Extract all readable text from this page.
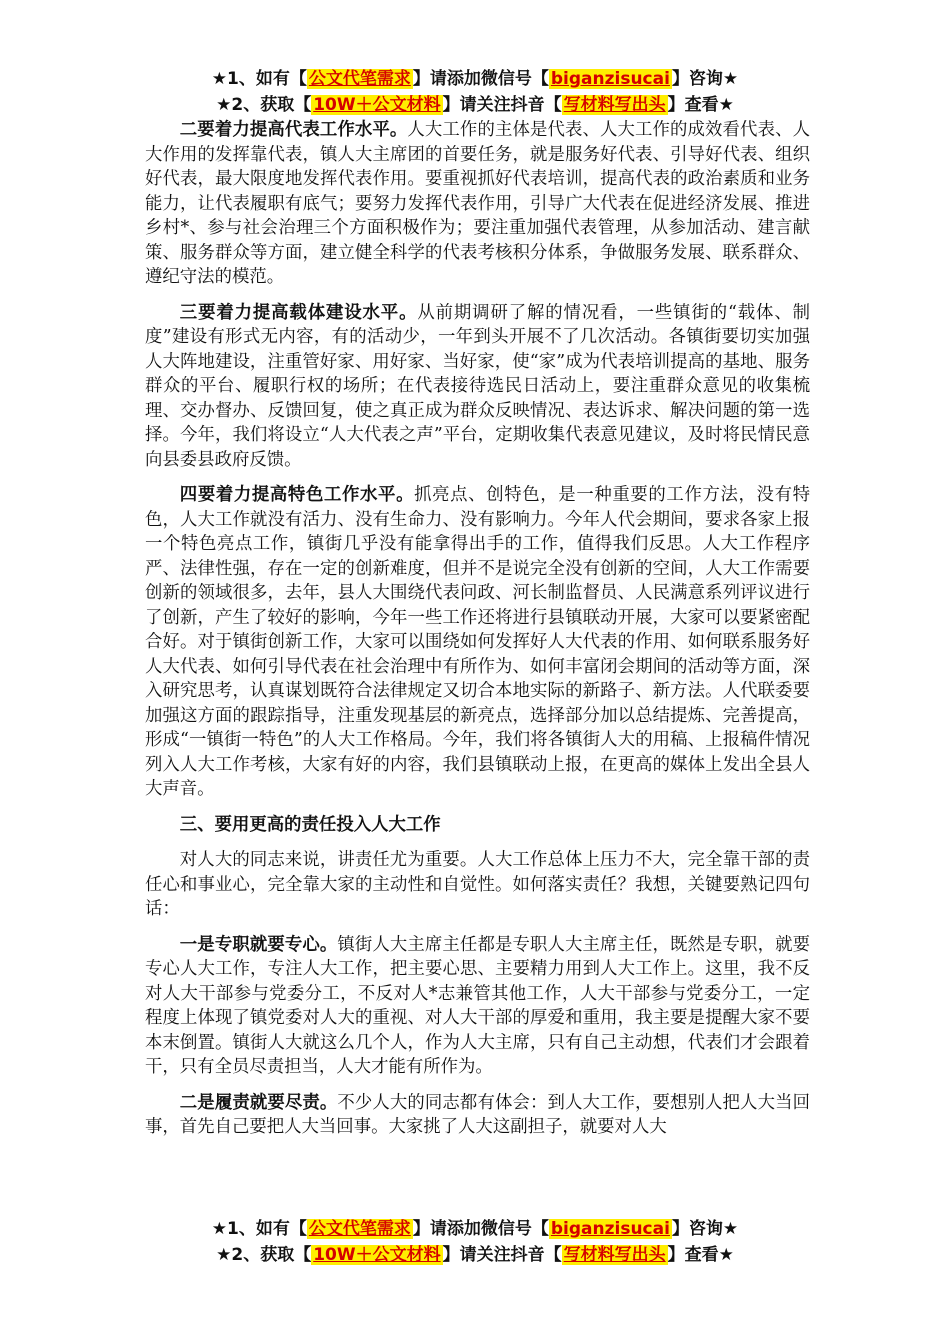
★1、如有【 公文代笔需求 】请添加微信号【 biganzisucai 】咨询★
★2、获取【 10W＋公文材料 】请关注抖音【 写材料写出头 】查看★

二要着力提高代表工作水平。人大工作的主体是代表、人大工作的成效看代表、人大作用的发挥靠代表，镇人大主席团的首要任务，就是服务好代表、引导好代表、组织好代表，最大限度地发挥代表作用。要重视抓好代表培训，提高代表的政治素质和业务能力，让代表履职有底气；要努力发挥代表作用，引导广大代表在促进经济发展、推进乡村*、参与社会治理三个方面积极作为；要注重加强代表管理，从参加活动、建言献策、服务群众等方面，建立健全科学的代表考核积分体系，争做服务发展、联系群众、遵纪守法的模范。

三要着力提高载体建设水平。从前期调研了解的情况看，一些镇街的“载体、制度”建设有形式无内容，有的活动少，一年到头开展不了几次活动。各镇街要切实加强人大阵地建设，注重管好家、用好家、当好家，使“家”成为代表培训提高的基地、服务群众的平台、履职行权的场所；在代表接待选民日活动上，要注重群众意见的收集梳理、交办督办、反馈回复，使之真正成为群众反映情况、表达诉求、解决问题的第一选择。今年，我们将设立“人大代表之声”平台，定期收集代表意见建议，及时将民情民意向县委县政府反馈。

四要着力提高特色工作水平。抓亮点、创特色，是一种重要的工作方法，没有特色，人大工作就没有活力、没有生命力、没有影响力。今年人代会期间，要求各家上报一个特色亮点工作，镇街几乎没有能拿得出手的工作，值得我们反思。人大工作程序严、法律性强，存在一定的创新难度，但并不是说完全没有创新的空间，人大工作需要创新的领域很多，去年，县人大围绕代表问政、河长制监督员、人民满意系列评议进行了创新，产生了较好的影响，今年一些工作还将进行县镇联动开展，大家可以要紧密配合好。对于镇街创新工作，大家可以围绕如何发挥好人大代表的作用、如何联系服务好人大代表、如何引导代表在社会治理中有所作为、如何丰富闭会期间的活动等方面，深入研究思考，认真谋划既符合法律规定又切合本地实际的新路子、新方法。人代联委要加强这方面的跟踪指导，注重发现基层的新亮点，选择部分加以总结提炼、完善提高，形成“一镇街一特色”的人大工作格局。今年，我们将各镇街人大的用稿、上报稿件情况列入人大工作考核，大家有好的内容，我们县镇联动上报，在更高的媒体上发出全县人大声音。

三、要用更高的责任投入人大工作

对人大的同志来说，讲责任尤为重要。人大工作总体上压力不大，完全靠干部的责任心和事业心，完全靠大家的主动性和自觉性。如何落实责任？我想，关键要熟记四句话：

一是专职就要专心。镇街人大主席主任都是专职人大主席主任，既然是专职，就要专心人大工作，专注人大工作，把主要心思、主要精力用到人大工作上。这里，我不反对人大干部参与党委分工，不反对人*志兼管其他工作，人大干部参与党委分工，一定程度上体现了镇党委对人大的重视、对人大干部的厚爱和重用，我主要是提醒大家不要本末倒置。镇街人大就这么几个人，作为人大主席，只有自己主动想，代表们才会跟着干，只有全员尽责担当，人大才能有所作为。

二是履责就要尽责。不少人大的同志都有体会：到人大工作，要想别人把人大当回事，首先自己要把人大当回事。大家挑了人大这副担子，就要对人大

★1、如有【 公文代笔需求 】请添加微信号【 biganzisucai 】咨询★
★2、获取【 10W＋公文材料 】请关注抖音【 写材料写出头 】查看★
